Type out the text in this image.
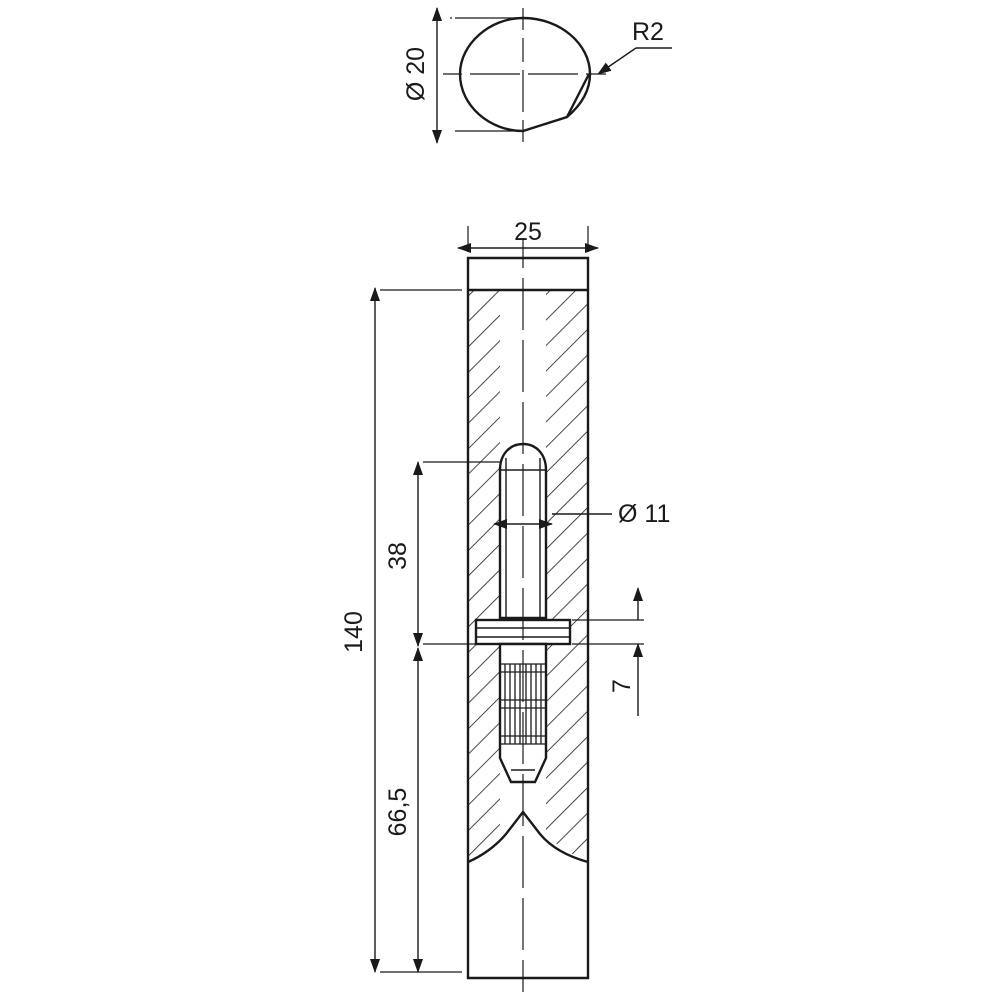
Ø 20
R2
25
140
38
66,5
Ø 11
7
